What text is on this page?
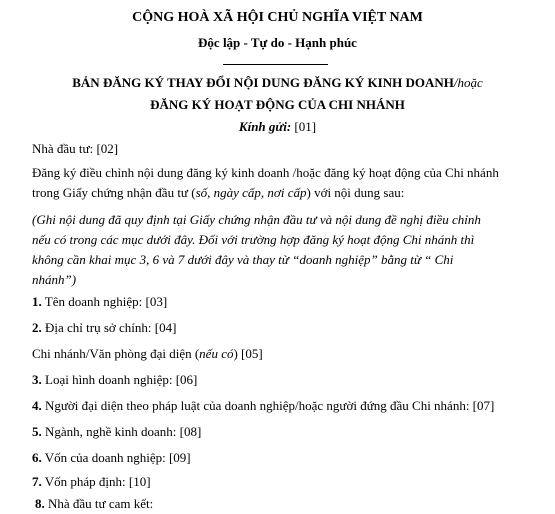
CỘNG HOÀ XÃ HỘI CHỦ NGHĨA VIỆT NAM
Độc lập - Tự do - Hạnh phúc
BẢN ĐĂNG KÝ THAY ĐỔI NỘI DUNG ĐĂNG KÝ KINH DOANH/hoặc
ĐĂNG KÝ HOẠT ĐỘNG CỦA CHI NHÁNH
Kính gửi: [01]
Nhà đầu tư: [02]
Đăng ký điều chỉnh nội dung đăng ký kinh doanh /hoặc đăng ký hoạt động của Chi nhánh
trong Giấy chứng nhận đầu tư (số, ngày cấp, nơi cấp) với nội dung sau:
(Ghi nội dung đã quy định tại Giấy chứng nhận đầu tư và nội dung đề nghị điều chỉnh
nếu có trong các mục dưới đây. Đối với trường hợp đăng ký hoạt động Chi nhánh thì
không cần khai mục 3, 6 và 7 dưới đây và thay từ “doanh nghiệp” bằng từ “ Chi
nhánh”)
1. Tên doanh nghiệp: [03]
2. Địa chỉ trụ sở chính: [04]
Chi nhánh/Văn phòng đại diện (nếu có) [05]
3. Loại hình doanh nghiệp: [06]
4. Người đại diện theo pháp luật của doanh nghiệp/hoặc người đứng đầu Chi nhánh: [07]
5. Ngành, nghề kinh doanh: [08]
6. Vốn của doanh nghiệp: [09]
7. Vốn pháp định: [10]
8. Nhà đầu tư cam kết:
